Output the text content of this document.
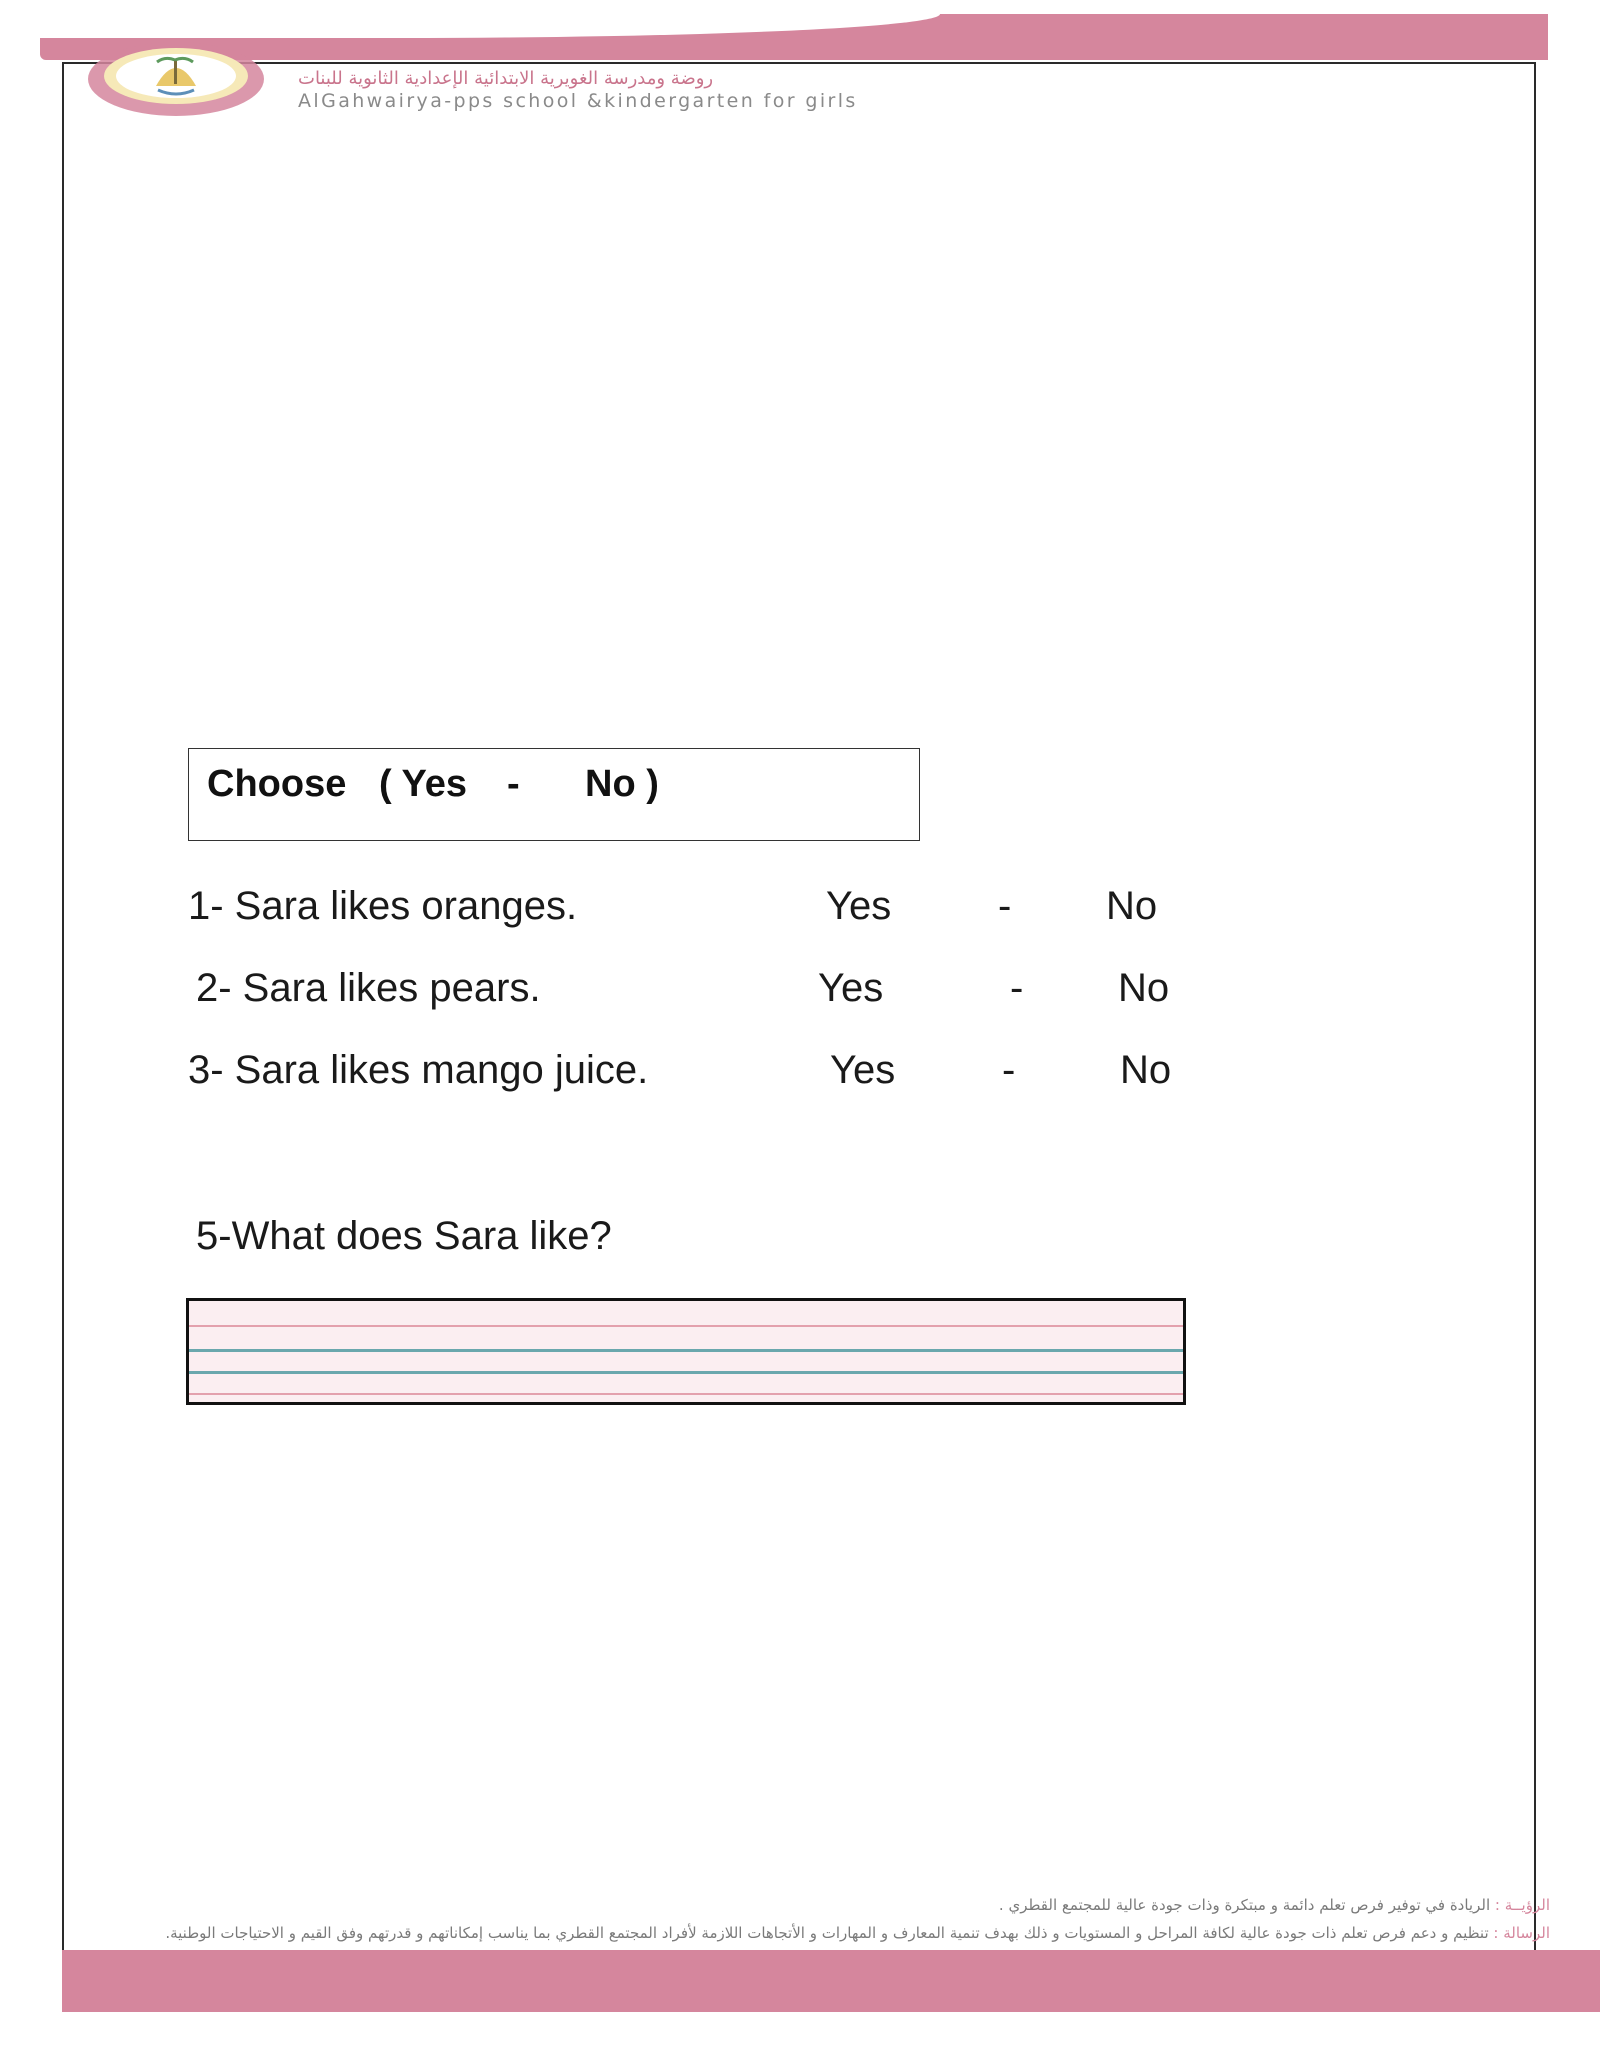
روضة ومدرسة الغويرية الابتدائية الإعدادية الثانوية للبنات
AlGahwairya-pps school &kindergarten for girls
Choose ( Yes - No )
1- Sara likes oranges.	Yes	- No
2- Sara likes pears.	Yes	- No
3- Sara likes mango juice.	Yes	-	No
5-What does Sara like?
الرؤيــة : الريادة في توفير فرص تعلم دائمة و مبتكرة وذات جودة عالية للمجتمع القطري .
الرسالة : تنظيم و دعم فرص تعلم ذات جودة عالية لكافة المراحل و المستويات و ذلك بهدف تنمية المعارف و المهارات و الأتجاهات اللازمة لأفراد المجتمع القطري بما يناسب إمكاناتهم و قدرتهم وفق القيم و الاحتياجات الوطنية.
